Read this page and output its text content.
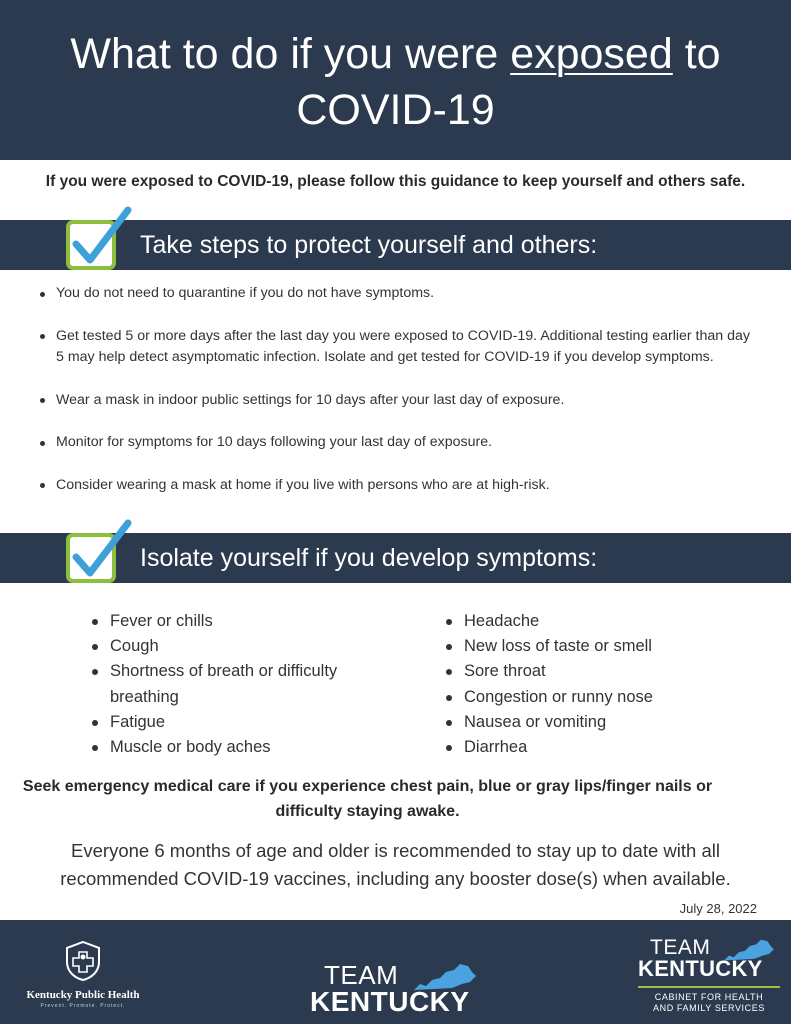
What to do if you were exposed to
COVID-19

If you were exposed to COVID-19, please follow this guidance to keep yourself and others safe.

Take steps to protect yourself and others:
You do not need to quarantine if you do not have symptoms.
Get tested 5 or more days after the last day you were exposed to COVID-19. Additional testing earlier than day 5 may help detect asymptomatic infection. Isolate and get tested for COVID-19 if you develop symptoms.
Wear a mask in indoor public settings for 10 days after your last day of exposure.
Monitor for symptoms for 10 days following your last day of exposure.
Consider wearing a mask at home if you live with persons who are at high-risk.
Isolate yourself if you develop symptoms:
Fever or chills
Cough
Shortness of breath or difficulty breathing
Fatigue
Muscle or body aches
Headache
New loss of taste or smell
Sore throat
Congestion or runny nose
Nausea or vomiting
Diarrhea

Seek emergency medical care if you experience chest pain, blue or gray lips/finger nails or difficulty staying awake.

Everyone 6 months of age and older is recommended to stay up to date with all recommended COVID-19 vaccines, including any booster dose(s) when available.

July 28, 2022
Kentucky Public Health
Prevent. Promote. Protect.
TEAM
KENTUCKY
TEAM
KENTUCKY
CABINET FOR HEALTH
AND FAMILY SERVICES
